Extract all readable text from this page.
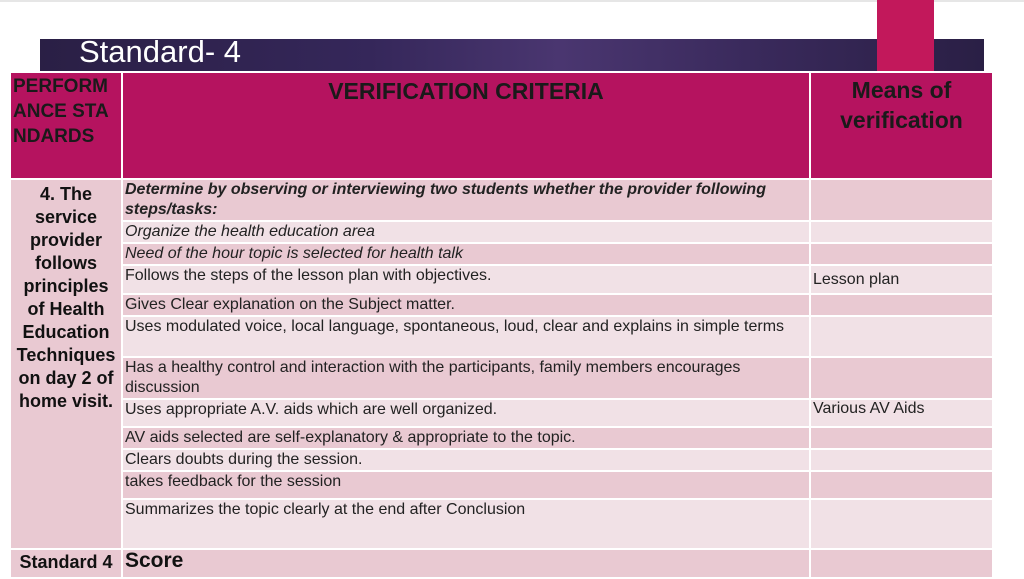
Standard- 4
PERFORMANCE STANDARDS	VERIFICATION CRITERIA	Means of verification
4. The service provider follows principles of Health Education Techniques on day 2 of home visit.	Determine by observing or interviewing two students whether the provider following steps/tasks:	
	Organize the health education area	
	Need of the hour topic is selected for health talk	
	Follows the steps of the lesson plan with objectives.	Lesson plan
	Gives Clear explanation on the Subject matter.	
	Uses modulated voice, local language, spontaneous, loud, clear and explains in simple terms	
	Has a healthy control and interaction with the participants, family members encourages discussion	
	Uses appropriate A.V. aids which are well organized.	Various AV Aids
	AV aids selected are self-explanatory & appropriate to the topic.	
	Clears doubts during the session.	
	takes feedback for the session	
	Summarizes the topic clearly at the end after Conclusion	
Standard 4	Score	
